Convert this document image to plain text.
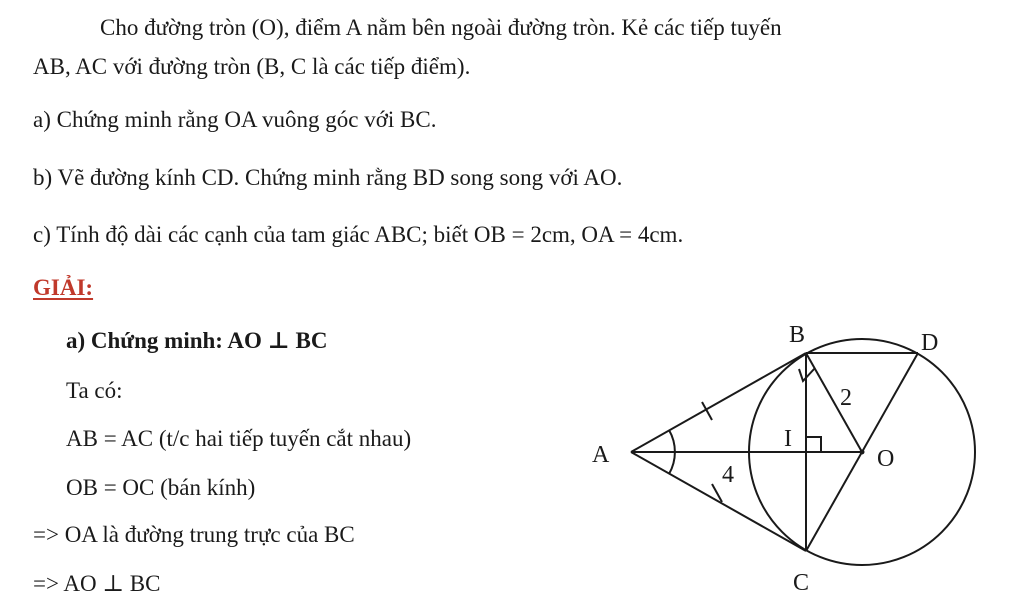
Cho đường tròn (O), điểm A nằm bên ngoài đường tròn. Kẻ các tiếp tuyến
AB, AC với đường tròn (B, C là các tiếp điểm).
a) Chứng minh rằng OA vuông góc với BC.
b) Vẽ đường kính CD. Chứng minh rằng BD song song với AO.
c) Tính độ dài các cạnh của tam giác ABC; biết OB = 2cm, OA = 4cm.
GIẢI:
a) Chứng minh: AO ⊥ BC
Ta có:
AB = AC (t/c hai tiếp tuyến cắt nhau)
OB = OC (bán kính)
=> OA là đường trung trực của BC
=> AO ⊥ BC
B	D
A	O
I
C
2
4
